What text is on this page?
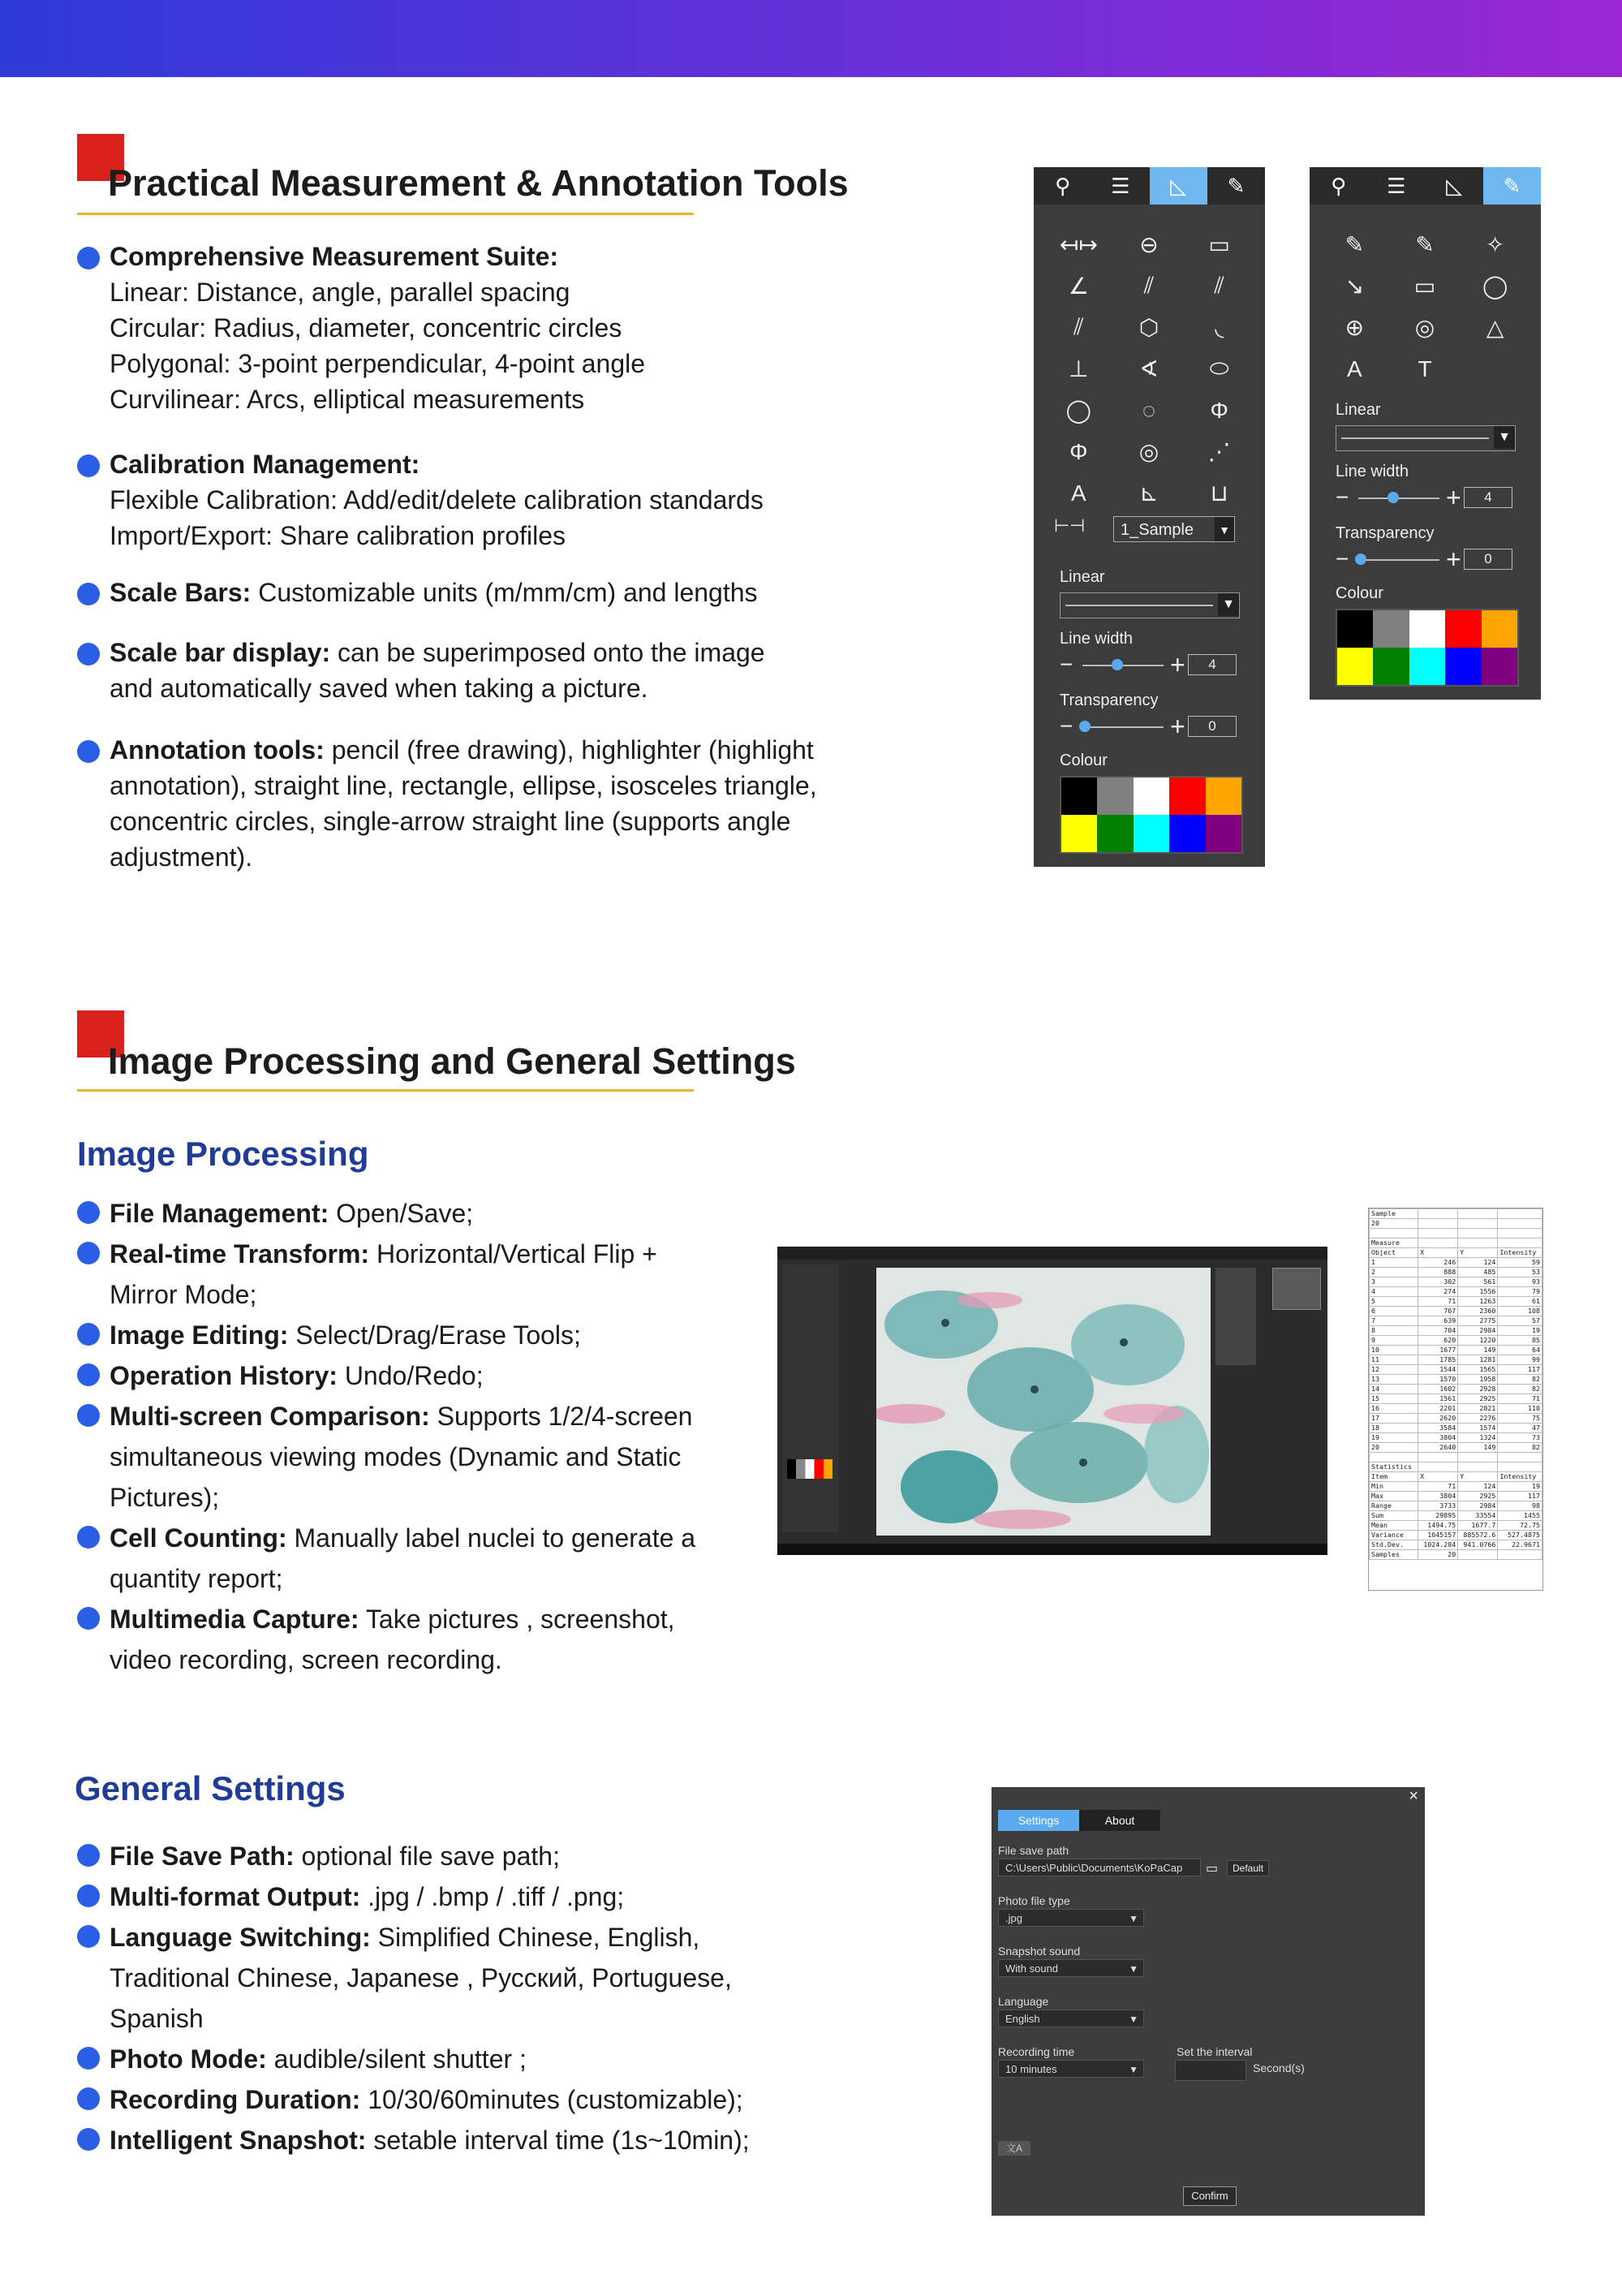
Practical Measurement & Annotation Tools
Comprehensive Measurement Suite:
Linear: Distance, angle, parallel spacing
Circular: Radius, diameter, concentric circles
Polygonal: 3-point perpendicular, 4-point angle
Curvilinear: Arcs, elliptical measurements
Calibration Management:
Flexible Calibration: Add/edit/delete calibration standards
Import/Export: Share calibration profiles
Scale Bars: Customizable units (m/mm/cm) and lengths
Scale bar display: can be superimposed onto the image
and automatically saved when taking a picture.
Annotation tools: pencil (free drawing), highlighter (highlight
annotation), straight line, rectangle, ellipse, isosceles triangle,
concentric circles, single-arrow straight line (supports angle
adjustment).
⚲	☰	◺	✎
↤↦	⊖	▭
∠	⫽	⫽
⫽	⬡	◟
⊥	∢	⬭
◯	◌	Φ
Φ	◎	⋰
A	⊾	⊔
⊢⊣	1_Sample	▼
Linear
▼
Line width
−	+	4
Transparency
−	+	0
Colour
⚲	☰	◺	✎
✎	✎	✧
↘	▭	◯
⊕	◎	△
A	T
Linear
▼
Line width
−	+	4
Transparency
−	+	0
Colour
Image Processing and General Settings
Image Processing
File Management: Open/Save;
Real-time Transform: Horizontal/Vertical Flip +
Mirror Mode;
Image Editing: Select/Drag/Erase Tools;
Operation History: Undo/Redo;
Multi-screen Comparison: Supports 1/2/4-screen
simultaneous viewing modes (Dynamic and Static
Pictures);
Cell Counting: Manually label nuclei to generate a
quantity report;
Multimedia Capture: Take pictures , screenshot,
video recording, screen recording.
Sample			
20			

Measure			
Object	X	Y	Intensity
1	246	124	59
2	888	485	53
3	302	561	93
4	274	1556	79
5	71	1263	61
6	707	2360	108
7	639	2775	57
8	704	2984	19
9	620	1220	85
10	1677	149	64
11	1785	1281	99
12	1544	1565	117
13	1570	1958	82
14	1602	2928	82
15	1561	2925	71
16	2201	2821	110
17	2620	2276	75
18	3584	1574	47
19	3804	1324	73
20	2640	149	82

Statistics			
Item	X	Y	Intensity
Min	71	124	19
Max	3804	2925	117
Range	3733	2984	98
Sum	29895	33554	1455
Mean	1494.75	1677.7	72.75
Variance	1045157	885572.6	527.4875
Std.Dev.	1024.284	941.0766	22.9671
Samples	20		
General Settings
File Save Path: optional file save path;
Multi-format Output: .jpg / .bmp / .tiff / .png;
Language Switching: Simplified Chinese, English,
Traditional Chinese, Japanese , Русский, Portuguese,
Spanish
Photo Mode: audible/silent shutter ;
Recording Duration: 10/30/60minutes (customizable);
Intelligent Snapshot: setable interval time (1s~10min);
×
Settings	About
File save path
C:\Users\Public\Documents\KoPaCap	▭	Default
Photo file type
.jpg	▼
Snapshot sound
With sound	▼
Language
English	▼
Recording time
10 minutes	▼
Set the interval
Second(s)
文A
Confirm
